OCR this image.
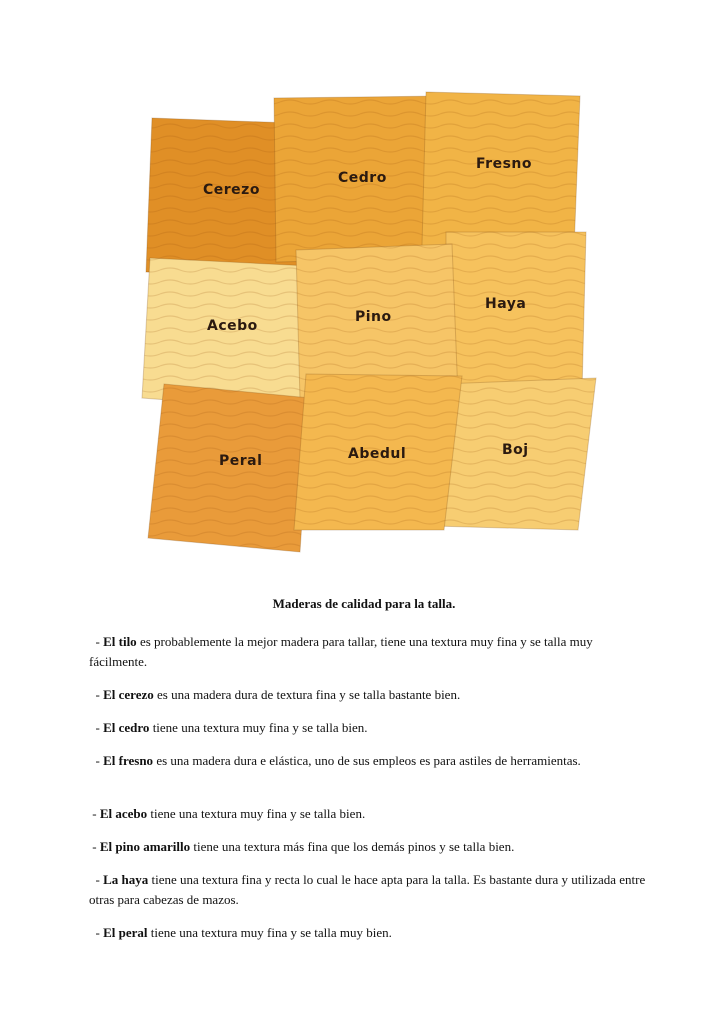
Cerezo
Cedro
Fresno
Acebo
Pino
Haya
Peral	Abedul	Boj
Maderas de calidad para la talla.
- El tilo es probablemente la mejor madera para tallar, tiene una textura muy fina y se talla muy fácilmente.
- El cerezo es una madera dura de textura fina y se talla bastante bien.
- El cedro tiene una textura muy fina y se talla bien.
- El fresno es una madera dura e elástica, uno de sus empleos es para astiles de herramientas.
- El acebo tiene una textura muy fina y se talla bien.
- El pino amarillo tiene una textura más fina que los demás pinos y se talla bien.
- La haya tiene una textura fina y recta lo cual le hace apta para la talla. Es bastante dura y utilizada entre otras para cabezas de mazos.
- El peral tiene una textura muy fina y se talla muy bien.
